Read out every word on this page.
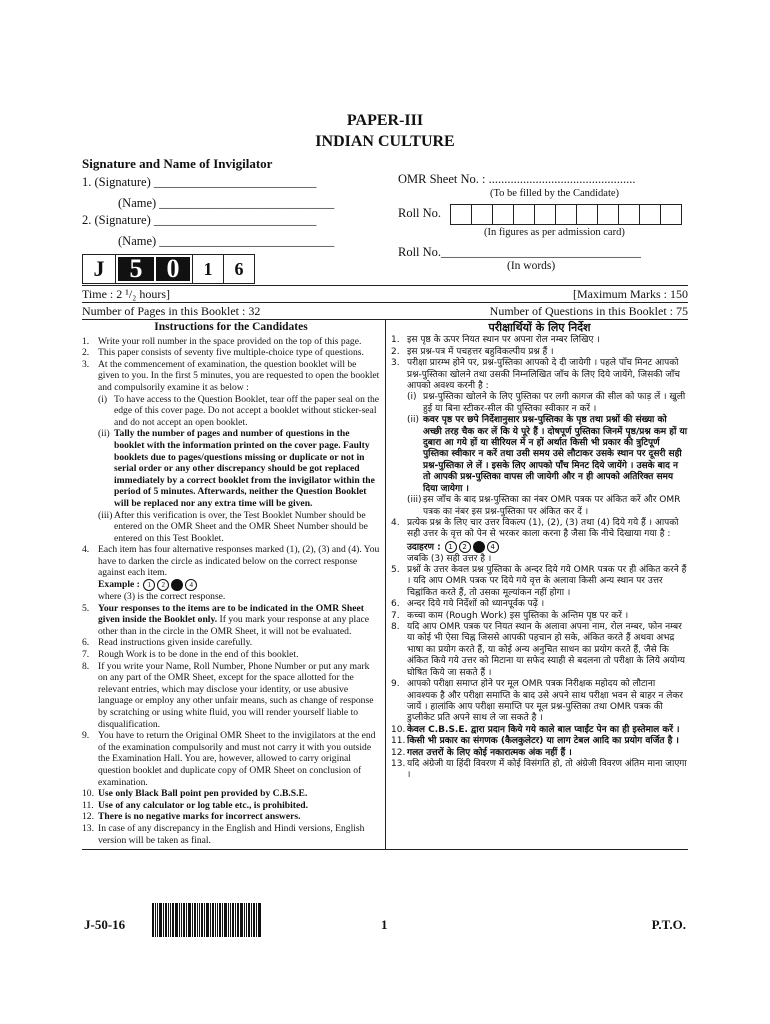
PAPER-III
INDIAN CULTURE
Signature and Name of Invigilator
1. (Signature) __________________________
(Name) ____________________________
2. (Signature) __________________________
(Name) ____________________________
J 5 0	1	6
OMR Sheet No. : ...............................................
(To be filled by the Candidate)
Roll No.
(In figures as per admission card)
Roll No.________________________________
(In words)
Time : 2 ¹/₂ hours]	[Maximum Marks : 150
Number of Pages in this Booklet : 32	Number of Questions in this Booklet : 75
Instructions for the Candidates
1. Write your roll number in the space provided on the top of this page.
2. This paper consists of seventy five multiple-choice type of questions.
3. At the commencement of examination, the question booklet will be given to you. In the first 5 minutes, you are requested to open the booklet and compulsorily examine it as below :
(i) To have access to the Question Booklet, tear off the paper seal on the edge of this cover page. Do not accept a booklet without sticker-seal and do not accept an open booklet.
(ii) Tally the number of pages and number of questions in the booklet with the information printed on the cover page. Faulty booklets due to pages/questions missing or duplicate or not in serial order or any other discrepancy should be got replaced immediately by a correct booklet from the invigilator within the period of 5 minutes. Afterwards, neither the Question Booklet will be replaced nor any extra time will be given.
(iii) After this verification is over, the Test Booklet Number should be entered on the OMR Sheet and the OMR Sheet Number should be entered on this Test Booklet.
4. Each item has four alternative responses marked (1), (2), (3) and (4). You have to darken the circle as indicated below on the correct response against each item.
Example : 1 2 3 4
where (3) is the correct response.
5. Your responses to the items are to be indicated in the OMR Sheet given inside the Booklet only. If you mark your response at any place other than in the circle in the OMR Sheet, it will not be evaluated.
6. Read instructions given inside carefully.
7. Rough Work is to be done in the end of this booklet.
8. If you write your Name, Roll Number, Phone Number or put any mark on any part of the OMR Sheet, except for the space allotted for the relevant entries, which may disclose your identity, or use abusive language or employ any other unfair means, such as change of response by scratching or using white fluid, you will render yourself liable to disqualification.
9. You have to return the Original OMR Sheet to the invigilators at the end of the examination compulsorily and must not carry it with you outside the Examination Hall. You are, however, allowed to carry original question booklet and duplicate copy of OMR Sheet on conclusion of examination.
10. Use only Black Ball point pen provided by C.B.S.E.
11. Use of any calculator or log table etc., is prohibited.
12. There is no negative marks for incorrect answers.
13. In case of any discrepancy in the English and Hindi versions, English version will be taken as final.
परीक्षार्थियों के लिए निर्देश
1. इस पृष्ठ के ऊपर नियत स्थान पर अपना रोल नम्बर लिखिए ।
2. इस प्रश्न-पत्र में पचहत्तर बहुविकल्पीय प्रश्न हैं ।
3. परीक्षा प्रारम्भ होने पर, प्रश्न-पुस्तिका आपको दे दी जायेगी । पहले पाँच मिनट आपको प्रश्न-पुस्तिका खोलने तथा उसकी निम्नलिखित जाँच के लिए दिये जायेंगे, जिसकी जाँच आपको अवश्य करनी है :
(i) प्रश्न-पुस्तिका खोलने के लिए पुस्तिका पर लगी कागज की सील को फाड़ लें । खुली हुई या बिना स्टीकर-सील की पुस्तिका स्वीकार न करें ।
(ii) कवर पृष्ठ पर छपे निर्देशानुसार प्रश्न-पुस्तिका के पृष्ठ तथा प्रश्नों की संख्या को अच्छी तरह चैक कर लें कि ये पूरे हैं । दोषपूर्ण पुस्तिका जिनमें पृष्ठ/प्रश्न कम हों या दुबारा आ गये हों या सीरियल में न हों अर्थात किसी भी प्रकार की त्रुटिपूर्ण पुस्तिका स्वीकार न करें तथा उसी समय उसे लौटाकर उसके स्थान पर दूसरी सही प्रश्न-पुस्तिका ले लें । इसके लिए आपको पाँच मिनट दिये जायेंगे । उसके बाद न तो आपकी प्रश्न-पुस्तिका वापस ली जायेगी और न ही आपको अतिरिक्त समय दिया जायेगा ।
(iii) इस जाँच के बाद प्रश्न-पुस्तिका का नंबर OMR पत्रक पर अंकित करें और OMR पत्रक का नंबर इस प्रश्न-पुस्तिका पर अंकित कर दें ।
4. प्रत्येक प्रश्न के लिए चार उत्तर विकल्प (1), (2), (3) तथा (4) दिये गये हैं । आपको सही उत्तर के वृत्त को पेन से भरकर काला करना है जैसा कि नीचे दिखाया गया है :
उदाहरण : 1 2 3 4
जबकि (3) सही उत्तर है ।
5. प्रश्नों के उत्तर केवल प्रश्न पुस्तिका के अन्दर दिये गये OMR पत्रक पर ही अंकित करने हैं । यदि आप OMR पत्रक पर दिये गये वृत्त के अलावा किसी अन्य स्थान पर उत्तर चिह्नांकित करते हैं, तो उसका मूल्यांकन नहीं होगा ।
6. अन्दर दिये गये निर्देशों को ध्यानपूर्वक पढ़ें ।
7. कच्चा काम (Rough Work) इस पुस्तिका के अन्तिम पृष्ठ पर करें ।
8. यदि आप OMR पत्रक पर नियत स्थान के अलावा अपना नाम, रोल नम्बर, फोन नम्बर या कोई भी ऐसा चिह्न जिससे आपकी पहचान हो सके, अंकित करते हैं अथवा अभद्र भाषा का प्रयोग करते हैं, या कोई अन्य अनुचित साधन का प्रयोग करते हैं, जैसे कि अंकित किये गये उत्तर को मिटाना या सफेद स्याही से बदलना तो परीक्षा के लिये अयोग्य घोषित किये जा सकते हैं ।
9. आपको परीक्षा समाप्त होने पर मूल OMR पत्रक निरीक्षक महोदय को लौटाना आवश्यक है और परीक्षा समाप्ति के बाद उसे अपने साथ परीक्षा भवन से बाहर न लेकर जायें । हालांकि आप परीक्षा समाप्ति पर मूल प्रश्न-पुस्तिका तथा OMR पत्रक की डुप्लीकेट प्रति अपने साथ ले जा सकते है ।
10. केवल C.B.S.E. द्वारा प्रदान किये गये काले बाल प्वाईंट पेन का ही इस्तेमाल करें ।
11. किसी भी प्रकार का संगणक (कैलकुलेटर) या लाग टेबल आदि का प्रयोग वर्जित है ।
12. गलत उत्तरों के लिए कोई नकारात्मक अंक नहीं हैं ।
13. यदि अंग्रेजी या हिंदी विवरण में कोई विसंगति हो, तो अंग्रेजी विवरण अंतिम माना जाएगा ।
J-50-16	1	P.T.O.
